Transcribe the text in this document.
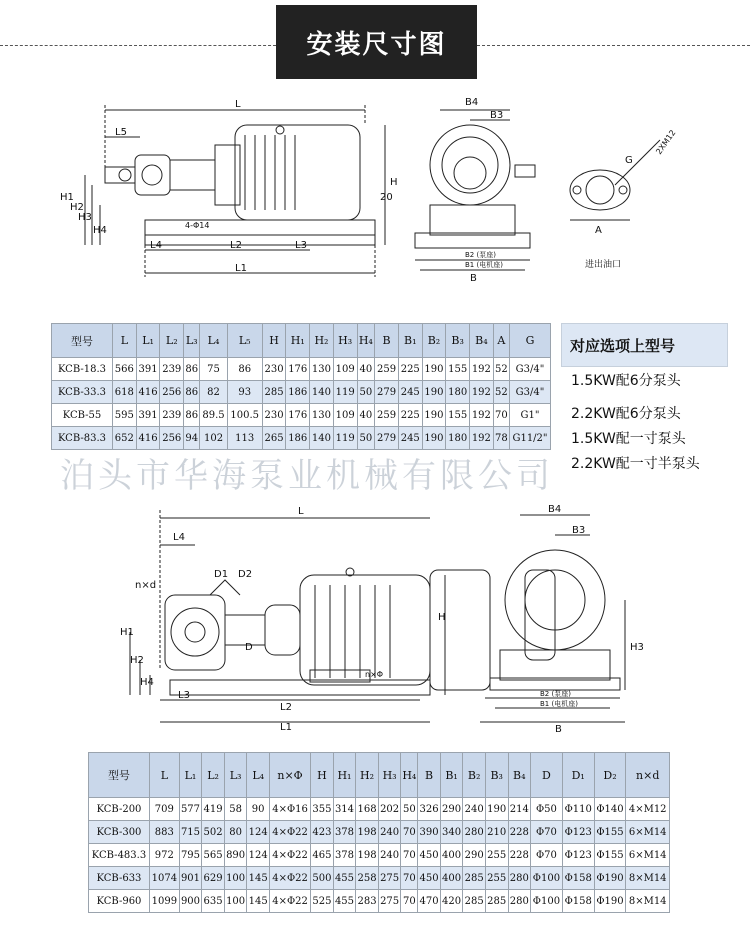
安装尺寸图
L
L5
H1
H2
H3
H4
L4	L2	L3
L1
H
20
4-Φ14
B4
B3
B2 (泵座)
B1 (电机座)
B
G
2XM12
A
进出油口
型号	L	L₁	L₂	L₃	L₄	L₅	H	H₁	H₂	H₃	H₄	B	B₁	B₂	B₃	B₄	A	G
KCB-18.3	566	391	239	86	75	86	230	176	130	109	40	259	225	190	155	192	52	G3/4"
KCB-33.3	618	416	256	86	82	93	285	186	140	119	50	279	245	190	180	192	52	G3/4"
KCB-55	595	391	239	86	89.5	100.5	230	176	130	109	40	259	225	190	155	192	70	G1"
KCB-83.3	652	416	256	94	102	113	265	186	140	119	50	279	245	190	180	192	78	G11/2"
对应选项上型号
1.5KW配6分泵头
2.2KW配6分泵头
1.5KW配一寸泵头
2.2KW配一寸半泵头
泊头市华海泵业机械有限公司
L
L4
n×d
D1 D2
H1
D
H2
H4
n×Φ
H
L3
L2
L1
B4
B3
H3
B2 (泵座)
B1 (电机座)
B
型号	L	L₁	L₂	L₃	L₄	n×Φ	H	H₁	H₂	H₃	H₄	B	B₁	B₂	B₃	B₄	D	D₁	D₂	n×d
KCB-200	709	577	419	58	90	4×Φ16	355	314	168	202	50	326	290	240	190	214	Φ50	Φ110	Φ140	4×M12
KCB-300	883	715	502	80	124	4×Φ22	423	378	198	240	70	390	340	280	210	228	Φ70	Φ123	Φ155	6×M14
KCB-483.3	972	795	565	890	124	4×Φ22	465	378	198	240	70	450	400	290	255	228	Φ70	Φ123	Φ155	6×M14
KCB-633	1074	901	629	100	145	4×Φ22	500	455	258	275	70	450	400	285	255	280	Φ100	Φ158	Φ190	8×M14
KCB-960	1099	900	635	100	145	4×Φ22	525	455	283	275	70	470	420	285	285	280	Φ100	Φ158	Φ190	8×M14
